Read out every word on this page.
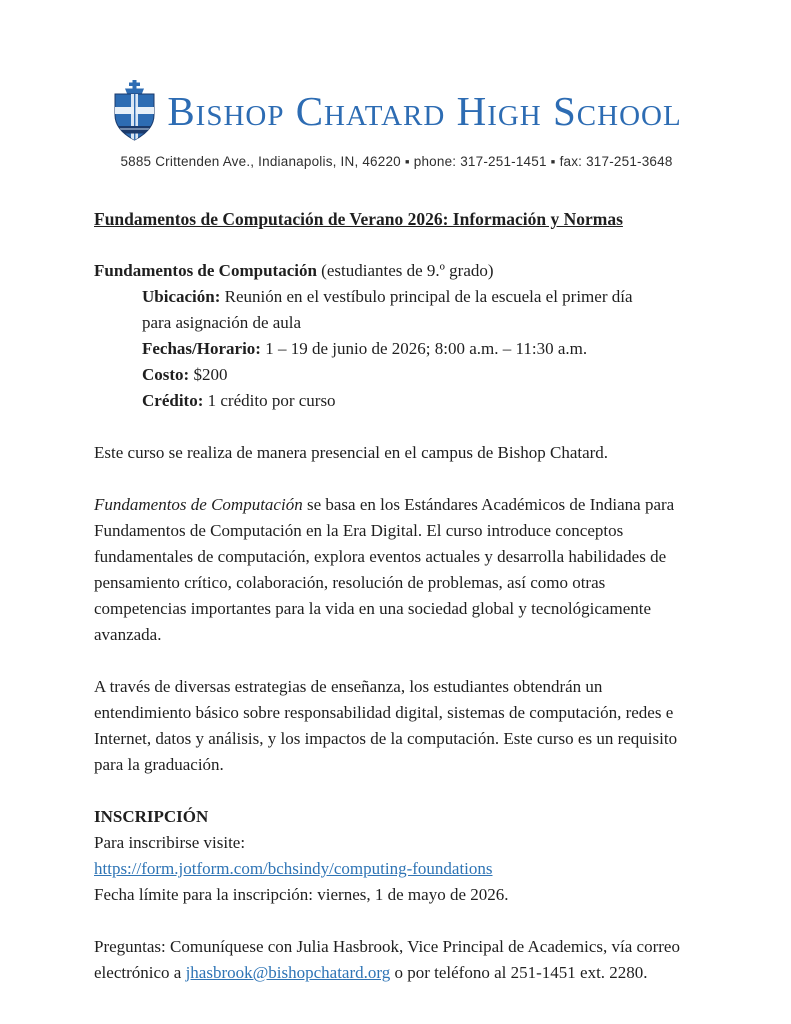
Bishop Chatard High School
5885 Crittenden Ave., Indianapolis, IN, 46220 ▪ phone: 317-251-1451 ▪ fax: 317-251-3648
Fundamentos de Computación de Verano 2026: Información y Normas

Fundamentos de Computación (estudiantes de 9.º grado)

Ubicación: Reunión en el vestíbulo principal de la escuela el primer día para asignación de aula
Fechas/Horario: 1 – 19 de junio de 2026; 8:00 a.m. – 11:30 a.m.
Costo: $200
Crédito: 1 crédito por curso

Este curso se realiza de manera presencial en el campus de Bishop Chatard.

Fundamentos de Computación se basa en los Estándares Académicos de Indiana para Fundamentos de Computación en la Era Digital. El curso introduce conceptos fundamentales de computación, explora eventos actuales y desarrolla habilidades de pensamiento crítico, colaboración, resolución de problemas, así como otras competencias importantes para la vida en una sociedad global y tecnológicamente avanzada.

A través de diversas estrategias de enseñanza, los estudiantes obtendrán un entendimiento básico sobre responsabilidad digital, sistemas de computación, redes e Internet, datos y análisis, y los impactos de la computación. Este curso es un requisito para la graduación.

INSCRIPCIÓN
Para inscribirse visite:
https://form.jotform.com/bchsindy/computing-foundations
Fecha límite para la inscripción: viernes, 1 de mayo de 2026.

Preguntas: Comuníquese con Julia Hasbrook, Vice Principal de Academics, vía correo electrónico a jhasbrook@bishopchatard.org o por teléfono al 251-1451 ext. 2280.
